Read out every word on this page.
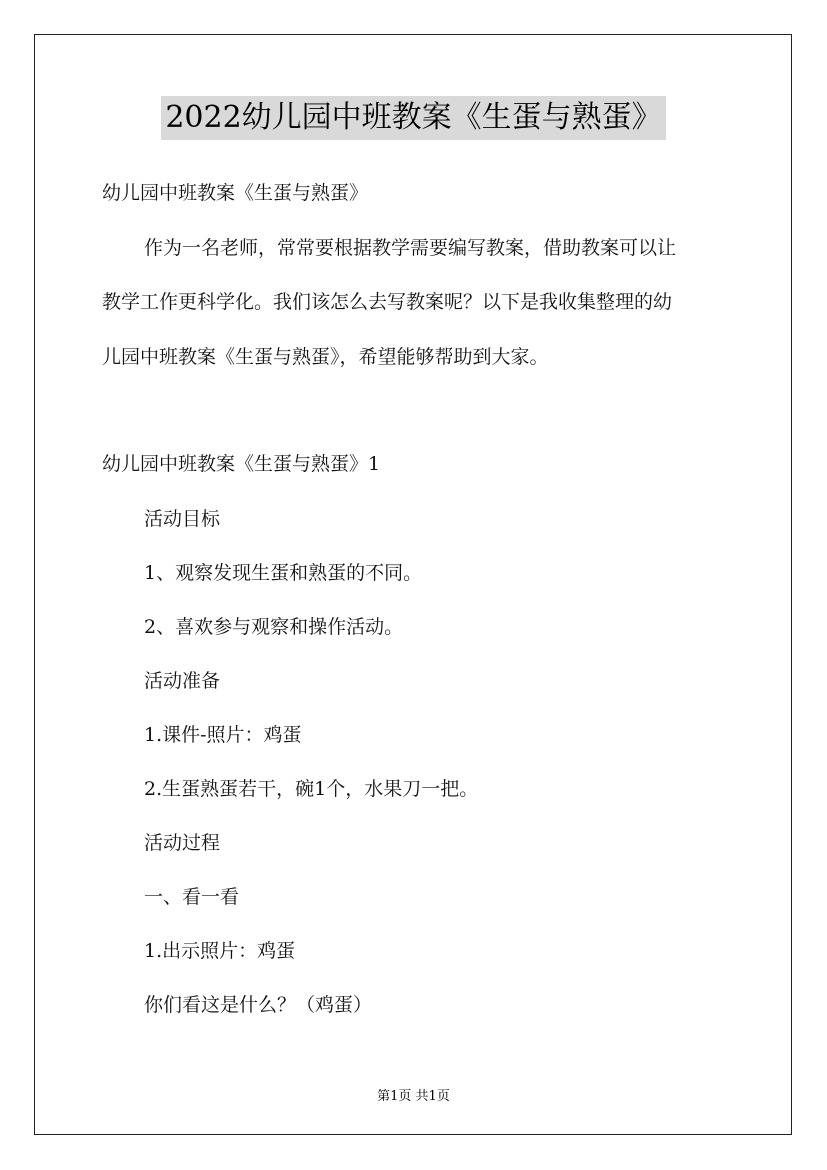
2022幼儿园中班教案《生蛋与熟蛋》
幼儿园中班教案《生蛋与熟蛋》
作为一名老师，常常要根据教学需要编写教案，借助教案可以让
教学工作更科学化。我们该怎么去写教案呢？以下是我收集整理的幼
儿园中班教案《生蛋与熟蛋》，希望能够帮助到大家。
幼儿园中班教案《生蛋与熟蛋》1
活动目标
1、观察发现生蛋和熟蛋的不同。
2、喜欢参与观察和操作活动。
活动准备
1.课件-照片：鸡蛋
2.生蛋熟蛋若干，碗1个，水果刀一把。
活动过程
一、看一看
1.出示照片：鸡蛋
你们看这是什么？（鸡蛋）
第1页 共1页
